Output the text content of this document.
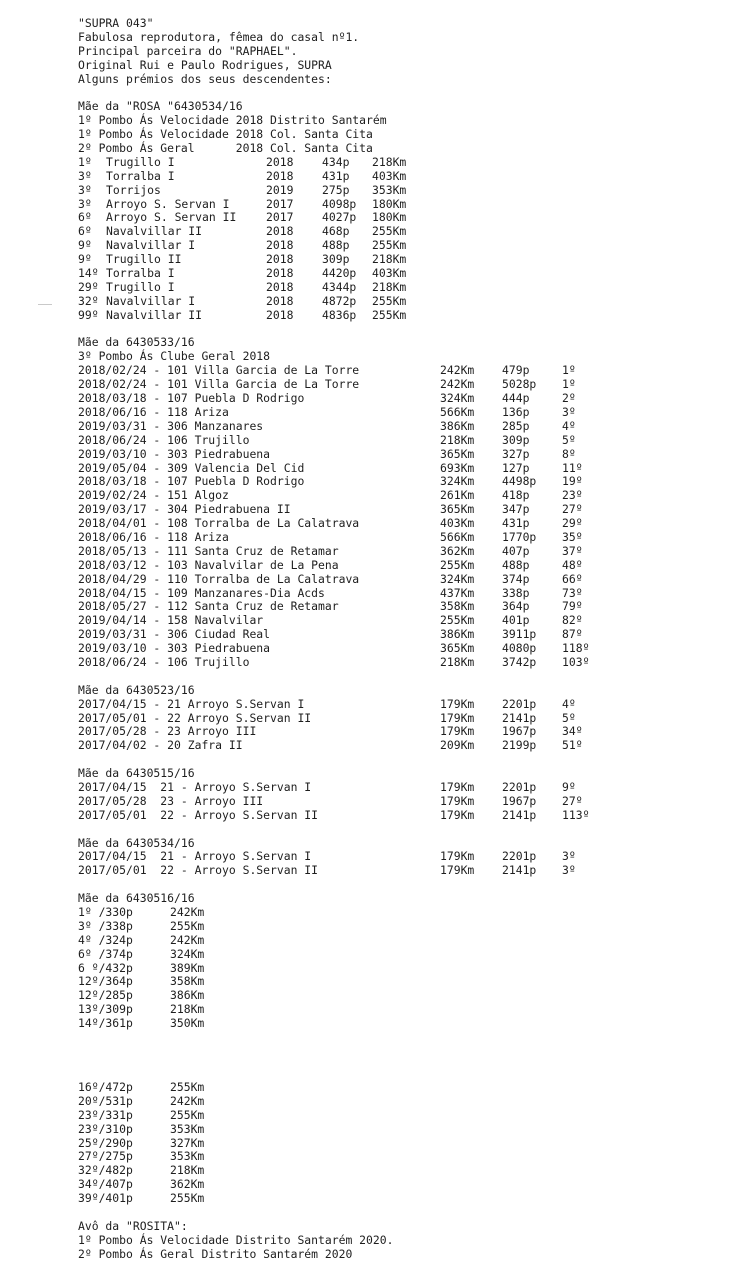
"SUPRA 043"
Fabulosa reprodutora, fêmea do casal nº1.
Principal parceira do "RAPHAEL".
Original Rui e Paulo Rodrigues, SUPRA
Alguns prémios dos seus descendentes:
Mãe da "ROSA "6430534/16
1º Pombo Ás Velocidade 2018 Distrito Santarém
1º Pombo Ás Velocidade 2018 Col. Santa Cita
2º Pombo Ás Geral      2018 Col. Santa Cita
1º Trugillo I	2018	434p 218Km
3º Torralba I	2018	431p 403Km
3º Torrijos	2019	275p 353Km
3º Arroyo S. Servan I	2017	4098p 180Km
6º Arroyo S. Servan II	2017	4027p 180Km
6º Navalvillar II	2018	468p 255Km
9º Navalvillar I	2018	488p 255Km
9º Trugillo II	2018	309p 218Km
14º Torralba I	2018	4420p 403Km
29º Trugillo I	2018	4344p 218Km
32º Navalvillar I	2018	4872p 255Km
99º Navalvillar II	2018	4836p 255Km
Mãe da 6430533/16
3º Pombo Ás Clube Geral 2018
2018/02/24 - 101 Villa Garcia de La Torre	242Km 479p	1º
2018/02/24 - 101 Villa Garcia de La Torre	242Km 5028p 1º
2018/03/18 - 107 Puebla D Rodrigo	324Km 444p	2º
2018/06/16 - 118 Ariza	566Km 136p	3º
2019/03/31 - 306 Manzanares	386Km 285p	4º
2018/06/24 - 106 Trujillo	218Km 309p	5º
2019/03/10 - 303 Piedrabuena	365Km 327p	8º
2019/05/04 - 309 Valencia Del Cid	693Km 127p	11º
2018/03/18 - 107 Puebla D Rodrigo	324Km 4498p 19º
2019/02/24 - 151 Algoz	261Km 418p	23º
2019/03/17 - 304 Piedrabuena II	365Km 347p	27º
2018/04/01 - 108 Torralba de La Calatrava	403Km 431p	29º
2018/06/16 - 118 Ariza	566Km 1770p 35º
2018/05/13 - 111 Santa Cruz de Retamar	362Km 407p	37º
2018/03/12 - 103 Navalvilar de La Pena	255Km 488p	48º
2018/04/29 - 110 Torralba de La Calatrava	324Km 374p	66º
2018/04/15 - 109 Manzanares-Dia Acds	437Km 338p	73º
2018/05/27 - 112 Santa Cruz de Retamar	358Km 364p	79º
2019/04/14 - 158 Navalvilar	255Km 401p	82º
2019/03/31 - 306 Ciudad Real	386Km 3911p 87º
2019/03/10 - 303 Piedrabuena	365Km 4080p 118º
2018/06/24 - 106 Trujillo	218Km 3742p 103º
Mãe da 6430523/16
2017/04/15 - 21 Arroyo S.Servan I	179Km 2201p 4º
2017/05/01 - 22 Arroyo S.Servan II	179Km 2141p 5º
2017/05/28 - 23 Arroyo III	179Km 1967p 34º
2017/04/02 - 20 Zafra II	209Km 2199p 51º
Mãe da 6430515/16
2017/04/15  21 - Arroyo S.Servan I	179Km 2201p 9º
2017/05/28  23 - Arroyo III	179Km 1967p 27º
2017/05/01  22 - Arroyo S.Servan II	179Km 2141p 113º
Mãe da 6430534/16
2017/04/15  21 - Arroyo S.Servan I	179Km 2201p 3º
2017/05/01  22 - Arroyo S.Servan II	179Km 2141p 3º
Mãe da 6430516/16
1º /330p	242Km
3º /338p	255Km
4º /324p	242Km
6º /374p	324Km
6 º/432p	389Km
12º/364p	358Km
12º/285p	386Km
13º/309p	218Km
14º/361p	350Km
16º/472p	255Km
20º/531p	242Km
23º/331p	255Km
23º/310p	353Km
25º/290p	327Km
27º/275p	353Km
32º/482p	218Km
34º/407p	362Km
39º/401p	255Km
Avô da "ROSITA":
1º Pombo Ás Velocidade Distrito Santarém 2020.
2º Pombo Ás Geral Distrito Santarém 2020
